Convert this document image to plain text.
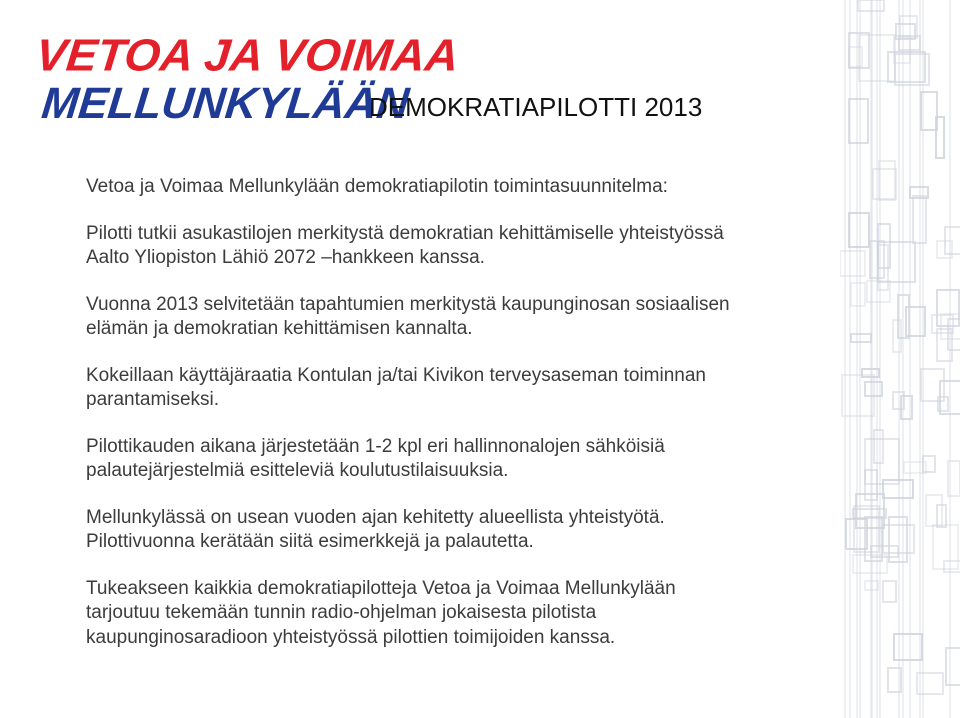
VETOA JA VOIMAA
MELLUNKYLÄÄN
DEMOKRATIAPILOTTI 2013
Vetoa ja Voimaa Mellunkylään demokratiapilotin toimintasuunnitelma:
Pilotti tutkii asukastilojen merkitystä demokratian kehittämiselle yhteistyössä
Aalto Yliopiston Lähiö 2072 –hankkeen kanssa.
Vuonna 2013 selvitetään tapahtumien merkitystä kaupunginosan sosiaalisen
elämän ja demokratian kehittämisen kannalta.
Kokeillaan käyttäjäraatia Kontulan ja/tai Kivikon terveysaseman toiminnan
parantamiseksi.
Pilottikauden aikana järjestetään 1-2 kpl eri hallinnonalojen sähköisiä
palautejärjestelmiä esitteleviä koulutustilaisuuksia.
Mellunkylässä on usean vuoden ajan kehitetty alueellista yhteistyötä.
Pilottivuonna kerätään siitä esimerkkejä ja palautetta.
Tukeakseen kaikkia demokratiapilotteja Vetoa ja Voimaa Mellunkylään
tarjoutuu tekemään tunnin radio-ohjelman jokaisesta pilotista
kaupunginosaradioon yhteistyössä pilottien toimijoiden kanssa.
